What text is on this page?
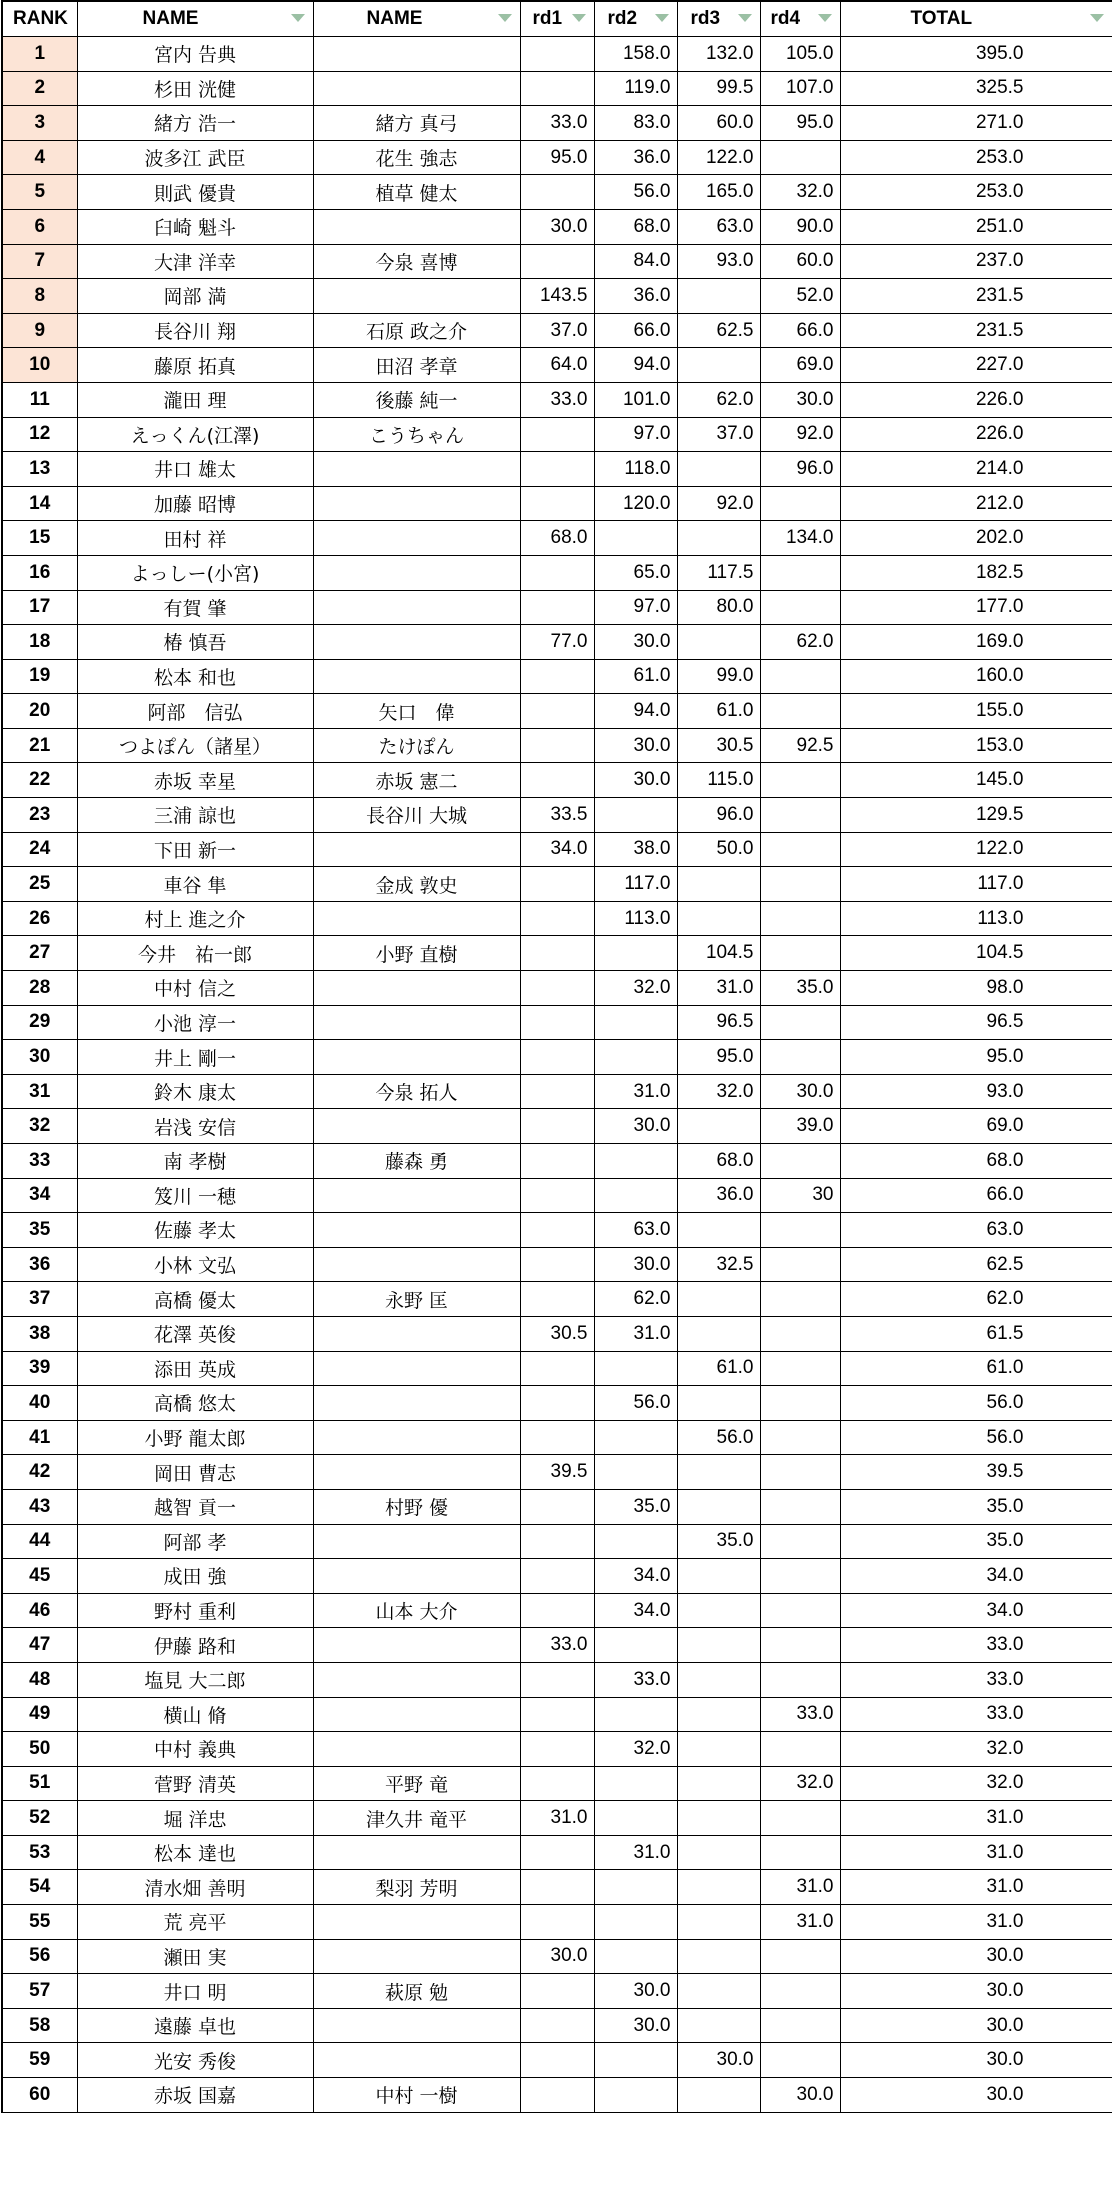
RANK	NAME	NAME	rd1	rd2	rd3	rd4	TOTAL

1	宮内 告典			158.0	132.0	105.0	395.0
2	杉田 洸健			119.0	99.5	107.0	325.5
3	緒方 浩一	緒方 真弓	33.0	83.0	60.0	95.0	271.0
4	波多江 武臣	花生 強志	95.0	36.0	122.0		253.0
5	則武 優貴	植草 健太		56.0	165.0	32.0	253.0
6	臼崎 魁斗		30.0	68.0	63.0	90.0	251.0
7	大津 洋幸	今泉 喜博		84.0	93.0	60.0	237.0
8	岡部 満		143.5	36.0		52.0	231.5
9	長谷川 翔	石原 政之介	37.0	66.0	62.5	66.0	231.5
10	藤原 拓真	田沼 孝章	64.0	94.0		69.0	227.0
11	瀧田 理	後藤 純一	33.0	101.0	62.0	30.0	226.0
12	えっくん(江澤)	こうちゃん		97.0	37.0	92.0	226.0
13	井口 雄太			118.0		96.0	214.0
14	加藤 昭博			120.0	92.0		212.0
15	田村 祥		68.0			134.0	202.0
16	よっしー(小宮)			65.0	117.5		182.5
17	有賀 肇			97.0	80.0		177.0
18	椿 慎吾		77.0	30.0		62.0	169.0
19	松本 和也			61.0	99.0		160.0
20	阿部　信弘	矢口　偉		94.0	61.0		155.0
21	つよぽん（諸星）	たけぽん		30.0	30.5	92.5	153.0
22	赤坂 幸星	赤坂 憲二		30.0	115.0		145.0
23	三浦 諒也	長谷川 大城	33.5		96.0		129.5
24	下田 新一		34.0	38.0	50.0		122.0
25	車谷 隼	金成 敦史		117.0			117.0
26	村上 進之介			113.0			113.0
27	今井　祐一郎	小野 直樹			104.5		104.5
28	中村 信之			32.0	31.0	35.0	98.0
29	小池 淳一				96.5		96.5
30	井上 剛一				95.0		95.0
31	鈴木 康太	今泉 拓人		31.0	32.0	30.0	93.0
32	岩浅 安信			30.0		39.0	69.0
33	南 孝樹	藤森 勇			68.0		68.0
34	笈川 一穂				36.0	30	66.0
35	佐藤 孝太			63.0			63.0
36	小林 文弘			30.0	32.5		62.5
37	高橋 優太	永野 匡		62.0			62.0
38	花澤 英俊		30.5	31.0			61.5
39	添田 英成				61.0		61.0
40	高橋 悠太			56.0			56.0
41	小野 龍太郎				56.0		56.0
42	岡田 曹志		39.5				39.5
43	越智 貢一	村野 優		35.0			35.0
44	阿部 孝				35.0		35.0
45	成田 強			34.0			34.0
46	野村 重利	山本 大介		34.0			34.0
47	伊藤 路和		33.0				33.0
48	塩見 大二郎			33.0			33.0
49	横山 脩					33.0	33.0
50	中村 義典			32.0			32.0
51	菅野 清英	平野 竜				32.0	32.0
52	堀 洋忠	津久井 竜平	31.0				31.0
53	松本 達也			31.0			31.0
54	清水畑 善明	梨羽 芳明				31.0	31.0
55	荒 亮平					31.0	31.0
56	瀬田 実		30.0				30.0
57	井口 明	萩原 勉		30.0			30.0
58	遠藤 卓也			30.0			30.0
59	光安 秀俊				30.0		30.0
60	赤坂 国嘉	中村 一樹				30.0	30.0
